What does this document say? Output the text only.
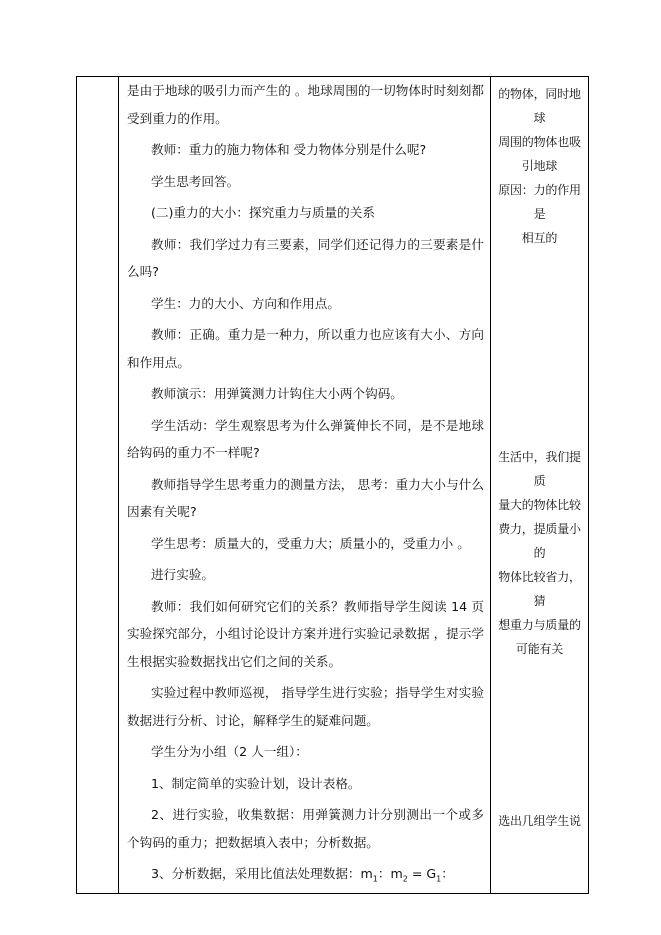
是由于地球的吸引力而产生的 。地球周围的一切物体时时刻刻都受到重力的作用。

教师：重力的施力物体和 受力物体分别是什么呢?

学生思考回答。

(二)重力的大小：探究重力与质量的关系

教师：我们学过力有三要素，同学们还记得力的三要素是什么吗?

学生：力的大小、方向和作用点。

教师：正确。重力是一种力，所以重力也应该有大小、方向和作用点。

教师演示：用弹簧测力计钩住大小两个钩码。

学生活动：学生观察思考为什么弹簧伸长不同，是不是地球给钩码的重力不一样呢?

教师指导学生思考重力的测量方法， 思考：重力大小与什么因素有关呢?

学生思考：质量大的，受重力大；质量小的，受重力小 。

进行实验。

教师：我们如何研究它们的关系？教师指导学生阅读 14 页实验探究部分，小组讨论设计方案并进行实验记录数据 ，提示学生根据实验数据找出它们之间的关系。

实验过程中教师巡视， 指导学生进行实验；指导学生对实验数据进行分析、讨论，解释学生的疑难问题。

学生分为小组（2 人一组）：

1、制定简单的实验计划，设计表格。

2、进行实验，收集数据：用弹簧测力计分别测出一个或多个钩码的重力；把数据填入表中；分析数据。

3、分析数据，采用比值法处理数据：$m_1$：$m_2 = G_1$：

的物体，同时地球

周围的物体也吸

引地球

原因：力的作用是

相互的

生活中，我们提质

量大的物体比较

费力，提质量小的

物体比较省力，猜

想重力与质量的

可能有关

选出几组学生说
